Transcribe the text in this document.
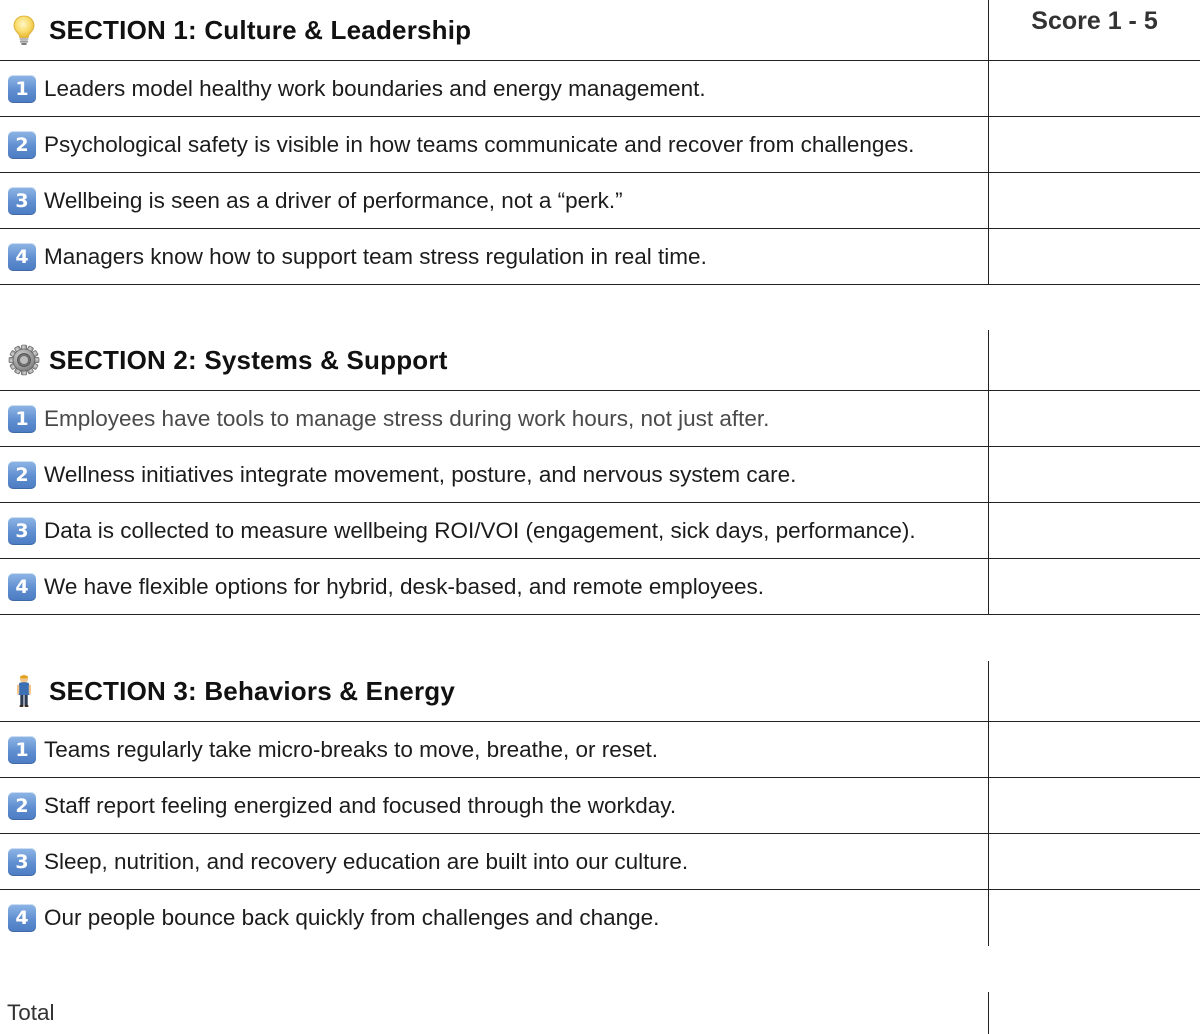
SECTION 1: Culture & Leadership	Score 1 - 5
1 Leaders model healthy work boundaries and energy management.
2 Psychological safety is visible in how teams communicate and recover from challenges.
3 Wellbeing is seen as a driver of performance, not a “perk.”
4 Managers know how to support team stress regulation in real time.
SECTION 2: Systems & Support
1 Employees have tools to manage stress during work hours, not just after.
2 Wellness initiatives integrate movement, posture, and nervous system care.
3 Data is collected to measure wellbeing ROI/VOI (engagement, sick days, performance).
4 We have flexible options for hybrid, desk-based, and remote employees.
SECTION 3: Behaviors & Energy
1 Teams regularly take micro-breaks to move, breathe, or reset.
2 Staff report feeling energized and focused through the workday.
3 Sleep, nutrition, and recovery education are built into our culture.
4 Our people bounce back quickly from challenges and change.
Total
